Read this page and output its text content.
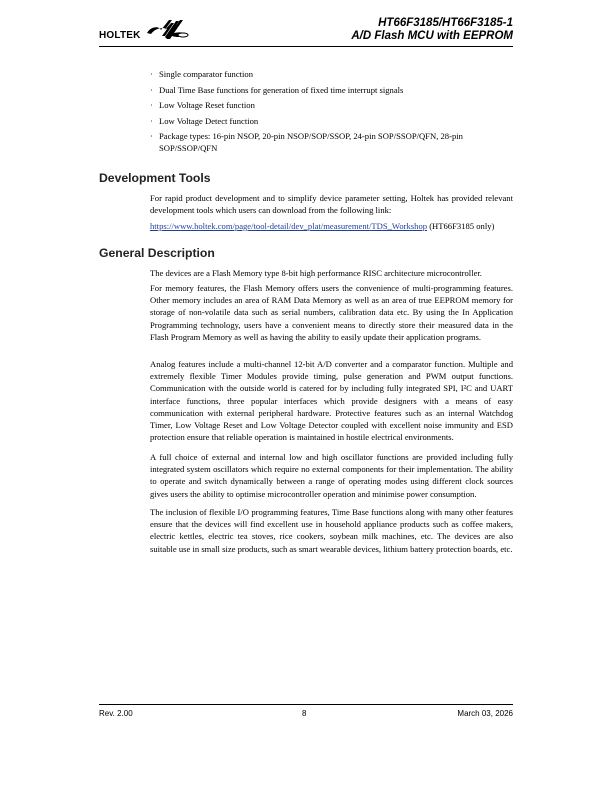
HOLTEK
HT66F3185/HT66F3185-1
A/D Flash MCU with EEPROM
· Single comparator function
· Dual Time Base functions for generation of fixed time interrupt signals
· Low Voltage Reset function
· Low Voltage Detect function
· Package types: 16-pin NSOP, 20-pin NSOP/SOP/SSOP, 24-pin SOP/SSOP/QFN, 28-pin SOP/SSOP/QFN
Development Tools

For rapid product development and to simplify device parameter setting, Holtek has provided relevant development tools which users can download from the following link:

https://www.holtek.com/page/tool-detail/dev_plat/measurement/TDS_Workshop (HT66F3185 only)

General Description

The devices are a Flash Memory type 8-bit high performance RISC architecture microcontroller.

For memory features, the Flash Memory offers users the convenience of multi-programming features. Other memory includes an area of RAM Data Memory as well as an area of true EEPROM memory for storage of non-volatile data such as serial numbers, calibration data etc. By using the In Application Programming technology, users have a convenient means to directly store their measured data in the Flash Program Memory as well as having the ability to easily update their application programs.

Analog features include a multi-channel 12-bit A/D converter and a comparator function. Multiple and extremely flexible Timer Modules provide timing, pulse generation and PWM output functions. Communication with the outside world is catered for by including fully integrated SPI, I²C and UART interface functions, three popular interfaces which provide designers with a means of easy communication with external peripheral hardware. Protective features such as an internal Watchdog Timer, Low Voltage Reset and Low Voltage Detector coupled with excellent noise immunity and ESD protection ensure that reliable operation is maintained in hostile electrical environments.

A full choice of external and internal low and high oscillator functions are provided including fully integrated system oscillators which require no external components for their implementation. The ability to operate and switch dynamically between a range of operating modes using different clock sources gives users the ability to optimise microcontroller operation and minimise power consumption.

The inclusion of flexible I/O programming features, Time Base functions along with many other features ensure that the devices will find excellent use in household appliance products such as coffee makers, electric kettles, electric tea stoves, rice cookers, soybean milk machines, etc. The devices are also suitable use in small size products, such as smart wearable devices, lithium battery protection boards, etc.

Rev. 2.00	8	March 03, 2026
